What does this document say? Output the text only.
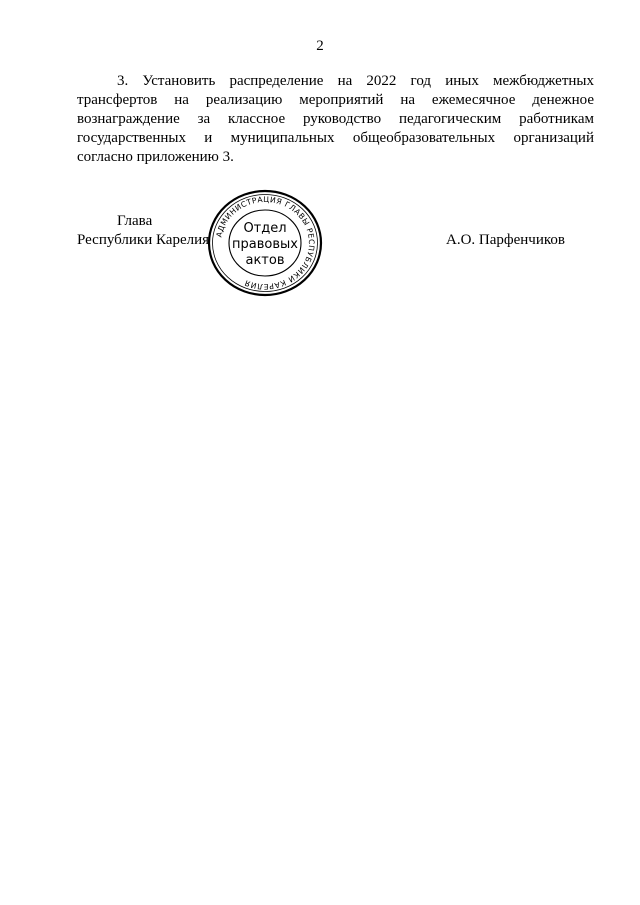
2

3. Установить распределение на 2022 год иных межбюджетных трансфертов на реализацию мероприятий на ежемесячное денежное вознаграждение за классное руководство педагогическим работникам государственных и муниципальных общеобразовательных организаций согласно приложению 3.

Глава
Республики Карелия	А.О. Парфенчиков
АДМИНИСТРАЦИЯ ГЛАВЫ РЕСПУБЛИКИ КАРЕЛИЯ
Отдел
правовых
актов
